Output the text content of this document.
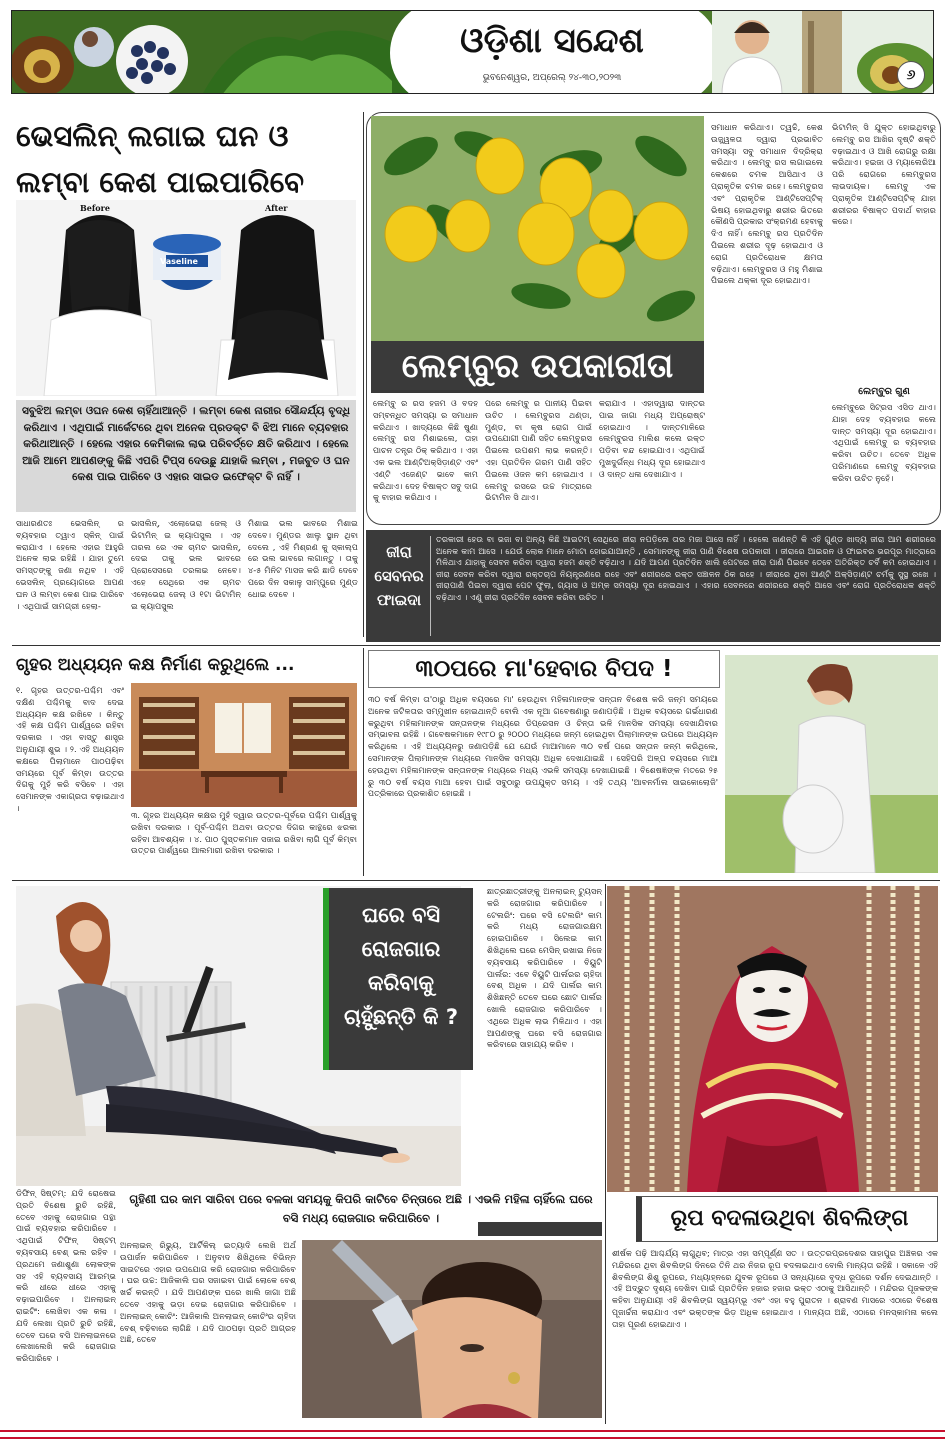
ଓଡ଼ିଶା ସନ୍ଦେଶ
ଭୁବନେଶ୍ୱର, ଅପ୍ରେଲ୍ ୨୪-୩୦,୨୦୨୩	୬
ଭେସଲିନ୍ ଲଗାଇ ଘନ ଓ ଲମ୍ବା କେଶ ପାଇପାରିବେ
Before	After
Vaseline
ସବୁଝିଅ ଲମ୍ବା ଓଘନ କେଶ ଚାହିଁଥାଆନ୍ତି । ଲମ୍ବା କେଶ ନାରୀର ସୌନ୍ଦର୍ଯ୍ୟ ବୃଦ୍ଧି କରିଥାଏ । ଏଥିପାଇଁ ମାର୍କେଟରେ ଥିବା ଅନେକ ପ୍ରଡକ୍ଟ ବି ଝିଅ ମାନେ ବ୍ୟବହାର କରିଥାଆନ୍ତି । ହେଲେ ଏହାର କେମିକାଲ ଲାଭ ପରିବର୍ତ୍ତେ କ୍ଷତି କରିଥାଏ । ହେଲେ ଆଜି ଆମେ ଆପଣଙ୍କୁ କିଛି ଏପରି ଟିପ୍ସ ଦେଉଛୁ ଯାହାକି ଲମ୍ବା , ମଜବୁତ ଓ ଘନ କେଶ ପାଇ ପାରିବେ ଓ ଏହାର ସାଇଡ ଇଫେକ୍ଟ ବି ନାହିଁ ।
ସାଧାରଣତଃ ଭେସଲିନ୍ ର ବ୍ୟବହାର ତ୍ୱାଏ ସ୍କିନ୍ ପାଇଁ କରାଯାଏ । ହେଲେ ଏହାର ଆହୁରି ଅନେକ ଲାଭ ରହିଛି । ଯାହା ତୁମେ ସମସ୍ତଙ୍କୁ ଜଣା ନଥିବ । ଏହି ଭେସଲିନ୍ ପ୍ରୟୋଗରେ ଆପଣ ଘନ ଓ ଲମ୍ବା କେଶ ପାଇ ପାରିବେ । ଏଥିପାଇଁ ସାମଗ୍ରୀ ହେଲା-
ଭାସଲିନ୍, ଏଲୋଭେରା ଜେଲ୍ ଓ ଭିଟାମିନ୍ ଇ କ୍ୟାପସୁଲ । ଏହ ତାରଲ ରେ ଏକ ଚାମଚ ଭାସଲିନ୍, ଦେଇ ତାକୁ ଭଲ ଭାବରେ ପ୍ରୋସେସରେ ତରଳାଇ ନେବେ। ଏହେ ସେଥିରେ ଏକ ଚାମଚ ଏଲୋଭେରା ଜେଲ୍ ଓ ୧ଟା ଭିଟାମିନ୍ ଇ କ୍ୟାପସୁଲ
ମିଶାଇ ଭଲ ଭାବରେ ମିଶାଇ ଦେବେ। ମୁଣ୍ଡର ଖାଲୁ ସ୍ଥାନ ଥିବା ଦେଲେ , ଏହି ମିଶ୍ରଣ କୁ ସ୍କାଲ୍ପ ରେ ଭଲ ଭାବରେ ଲଗାନ୍ତୁ । ତାକୁ ୪-୫ ମିନିଟ ମାସଜ କରି ଛାଡି ଦେବେ ପରେ ଦିନ ସକାଳୁ ସାମ୍ପୁରେ ମୁଣ୍ଡ ଧୋଇ ଦେବେ ।
ଲେମ୍ବୁର ଉପକାରୀତା
ଲେମ୍ବୁ ର ରସ ହଜମ ଓ ବଦହ ସମ୍ବନ୍ଧିତ ସମସ୍ୟା ର ସମାଧାନ କରିଥାଏ । ଖାଦ୍ୟରେ କିଛି ଷୁଣା ଲେମ୍ବୁ ରସ ମିଶାଇଲେ, ତାହା ପାଚନ ତନ୍ତ୍ର ଠିକ୍ କରିଥାଏ । ଏହା ଏକ ଭଲ ଆଣ୍ଟିଅକ୍ସିଡ଼ାଣ୍ଟ ଏବଂ ଏଣ୍ଟି ଏଜେଣ୍ଟ ଭାବେ କାମ କରିଥାଏ। ଦେହ ବିଷାକ୍ତ ସବୁ ଦାଗ କୁ ବାହାର କରିଥାଏ ।
ପରେ ଲେମ୍ବୁ ର ପାନୀୟ ପିଇବା ଉଚିତ । ଲେମ୍ବୁରସ ଥଣ୍ଡା, ମୁଣ୍ଡ, ବା କୃଷ ରୋଗ ପାଇଁ ଉପଯୋଗୀ ପାଣି ସହିତ ଲେମ୍ବୁରସ ପିଇଲେ ଉପଶମ ଲାଭ କରନ୍ତି। ଏହା ପ୍ରତିଦିନ ଗରମ ପାଣି ସହିତ ପିଇଲେ ଓଜନ କମ ହୋଇଥାଏ । ଲେମ୍ବୁ ରସରେ ଉଚ୍ଚ ମାତ୍ରାରେ ଭିଟାମିନ ସି ଥାଏ।
କରାଯାଏ । ଏହାଦ୍ୱାରା ଦାନ୍ତର ପାଇ ଜାଗା ମଧ୍ୟ ଅପ୍ରୋଷ୍ଟ ହୋଇଥାଏ । ଦାନ୍ତମାଳିରେ ଲେମ୍ବୁରସ ମାଲିଶ କଲେ ରକ୍ତ ପଡ଼ିବା ବନ୍ଦ ହୋଇଯାଏ। ଏଥିପାଇଁ ମୁଖଦୁର୍ଗନ୍ଧ ମଧ୍ୟ ଦୂର ହୋଇଥାଏ ଓ ଦାନ୍ତ ଧଳା ଦେଖାଯାଏ ।
ସମାଧାନ କରିଥାଏ। ତ୍ୱଚ୍ଚି, କେଶ ଉଜ୍ଜ୍ୱଳତା ଦ୍ୱାରା ପ୍ରଭାବିତ ସମସ୍ୟା ସବୁ ସମାଧାନ ଦିଦ୍ରିକ୍ରା କରିଥାଏ । ଲେମ୍ବୁ ରସ ଲଗାଇଲେ କେଶରେ ଚମକ ଆସିଥାଏ ଓ ପ୍ରାକୃତିକ ଚମକ ରହେ। ଲେମ୍ବୁରସ ଏବଂ ପ୍ରାକୃତିକ ଆଣ୍ଟିସେପ୍ଟିକ୍ ଭିଷୟ ହୋଇଥିବାରୁ ଶରୀର ଭିତରେ କୌଣସି ପ୍ରକାର ସଂକ୍ରମଣ ହେବାକୁ ଦିଏ ନାହିଁ। ଲେମ୍ବୁ ରସ ପ୍ରତିଦିନ ପିଇଲେ ଶରୀର ଦୃଢ଼ ହୋଇଥାଏ ଓ ରୋଗ ପ୍ରତିରୋଧକ କ୍ଷମତା ବଢ଼ିଥାଏ। ଲେମ୍ବୁରସ ଓ ମହୁ ମିଶାଇ ପିଇଲେ ଥକ୍କା ଦୂର ହୋଇଥାଏ।
ଭିଟାମିନ୍ ସି ଯୁକ୍ତ ହୋଇଥିବାରୁ ଲେମ୍ବୁ ରସ ଆଖିର ଦୃଷ୍ଟି ଶକ୍ତି ବଢ଼ାଇଥାଏ ଓ ଆଖି ରୋଗରୁ ରକ୍ଷା କରିଥାଏ। ହଇଜା ଓ ମ୍ୟାଲେରିଆ ପରି ରୋଗରେ ଲେମ୍ବୁରସ ଲାଭଦାୟକ। ଲେମ୍ବୁ ଏକ ପ୍ରାକୃତିକ ଆଣ୍ଟିସେପ୍ଟିକ୍ ଯାହା ଶରୀରର ବିଷାକ୍ତ ପଦାର୍ଥ ବାହାର କରେ।
ଲେମ୍ବୁର ଗୁଣ
ଲେମ୍ବୁରେ ସିଟ୍ରସ ଏସିଡ ଥାଏ। ଯାହା ଦେହ ବ୍ୟବହାର କଲେ ଦାନ୍ତ ସମସ୍ୟା ଦୂର ହୋଇଥାଏ। ଏଥିପାଇଁ ଲେମ୍ବୁ ର ବ୍ୟବହାର କରିବା ଉଚିତ। ତେବେ ଅଧିକ ପରିମାଣରେ ଲେମ୍ବୁ ବ୍ୟବହାର କରିବା ଉଚିତ ନୁହେଁ।
ଜୀରା ସେବନର ଫାଇଦା
ତରକାରୀ ହେଉ ବା ଭଜା ବା ଅନ୍ୟ କିଛି ଆଇଟମ୍ ସେଥିରେ ଜୀରା ନପଡ଼ିଲେ ତାର ମଜା ଆସେ ନାହିଁ । ହେଲେ ଜାଣନ୍ତି କି ଏହି ଗୁଣ୍ଡ ଖାଦ୍ୟ ଜୀରା ଆମ ଶରୀରରେ ଅନେକ କାମ ଆସେ । ଯେଉଁ ଲୋକ ମାନେ ମୋଟା ହୋଇଯାଆନ୍ତି , ସେମାନଙ୍କୁ ଜୀରା ପାଣି ବିଶେଷ ଉପକାରୀ । ଜୀରାରେ ଆଇରନ ଓ ଫାଇବର ଭରପୂର ମାତ୍ରାରେ ମିଳିଥାଏ ଯାହାକୁ ସେବନ କରିବା ଦ୍ୱାରା ହଜମ ଶକ୍ତି ବଢ଼ିଥାଏ । ଯଦି ଆପଣ ପ୍ରତିଦିନ ଖାଲି ପେଟରେ ଜୀରା ପାଣି ପିଇବେ ତେବେ ଅତିରିକ୍ତ ଚର୍ବି କମ ହୋଇଥାଏ । ଜୀରା ସେବନ କରିବା ଦ୍ୱାରା ରକ୍ତଚାପ ନିୟନ୍ତ୍ରଣରେ ରହେ ଏବଂ ଶରୀରରେ ରକ୍ତ ସଞ୍ଚାଳନ ଠିକ ରହେ । ଜୀରାରେ ଥିବା ଆଣ୍ଟି ଅକ୍ସିଡ଼ାଣ୍ଟ ଚର୍ମକୁ ସୁସ୍ଥ ରଖେ । ଜୀରାପାଣି ପିଇବା ଦ୍ୱାରା ପେଟ ଫୁଲା, ଗ୍ୟାସ ଓ ଅମ୍ଳ ସମସ୍ୟା ଦୂର ହୋଇଥାଏ । ଏହାର ସେବନରେ ଶରୀରରେ ଶକ୍ତି ଆସେ ଏବଂ ରୋଗ ପ୍ରତିରୋଧକ ଶକ୍ତି ବଢ଼ିଥାଏ । ଏଣୁ ଜୀରା ପ୍ରତିଦିନ ସେବନ କରିବା ଉଚିତ ।
ଗୃହର ଅଧ୍ୟୟନ କକ୍ଷ ନିର୍ମାଣ କରୁଥିଲେ ...
୧. ଗୃହର ଉତ୍ତର-ପଶ୍ଚିମ ଏବଂ ଦକ୍ଷିଣ ପଶ୍ଚିମକୁ ବାଦ ଦେଇ ଅଧ୍ୟୟନ କକ୍ଷ ରଖିବେ । କିନ୍ତୁ ଏହି କକ୍ଷ ପଶ୍ଚିମ ପାର୍ଶ୍ୱରେ ରହିବା ଦରକାର । ଏହା ବାସ୍ତୁ ଶାସ୍ତ୍ର ଅନୁଯାୟୀ ଶୁଭ । ୨. ଏହି ଅଧ୍ୟୟନ କକ୍ଷରେ ପିଲାମାନେ ପାଠପଢ଼ିବା ସମୟରେ ପୂର୍ବ କିମ୍ବା ଉତ୍ତର ଦିଗକୁ ମୁହଁ କରି ବସିବେ । ଏହା ସେମାନଙ୍କ ଏକାଗ୍ରତା ବଢ଼ାଇଥାଏ ।
୩. ଗୃହର ଅଧ୍ୟୟନ କକ୍ଷର ମୁହଁ ଦ୍ୱାର ଉତ୍ତର-ପୂର୍ବରେ ପଶ୍ଚିମ ପାର୍ଶ୍ୱକୁ ରଖିବା ଦରକାର । ପୂର୍ବ-ପଶ୍ଚିମ ଅଥବା ଉତ୍ତର ଦିଗର କାନ୍ଥରେ ଝରକା ରହିବା ଆବଶ୍ୟକ । ୪. ପାଠ ପୁସ୍ତକମାନ ସଜାଇ ରଖିବା ଲାଗି ପୂର୍ବ କିମ୍ବା ଉତ୍ତର ପାର୍ଶ୍ୱରେ ଆଲମାରୀ ରଖିବା ଦରକାର ।
୩୦ପରେ ମା'ହେବାର ବିପଦ !
୩୦ ବର୍ଷ କିମ୍ବା ତା'ଠାରୁ ଅଧିକ ବୟସରେ ମା' ହେଉଥିବା ମହିଳାମାନଙ୍କ ସନ୍ତାନ ବିଶେଷ କରି ଜନ୍ମ ସମୟରେ ଅନେକ ଜଟିଳତାର ସମ୍ମୁଖୀନ ହୋଇଥାନ୍ତି ବୋଲି ଏକ ନୂଆ ଗବେଷଣାରୁ ଜଣାପଡ଼ିଛି । ଅଧିକ ବୟସରେ ଗର୍ଭଧାରଣ କରୁଥିବା ମହିଳାମାନଙ୍କ ସନ୍ତାନଙ୍କ ମଧ୍ୟରେ ଡିପ୍ରେସନ ଓ ଚିନ୍ତା ଭଳି ମାନସିକ ସମସ୍ୟା ଦେଖାଯିବାର ସମ୍ଭାବନା ରହିଛି । ଗବେଷକମାନେ ୧୯୮୦ ରୁ ୨୦୦୦ ମଧ୍ୟରେ ଜନ୍ମ ହୋଇଥିବା ପିଲାମାନଙ୍କ ଉପରେ ଅଧ୍ୟୟନ କରିଥିଲେ । ଏହି ଅଧ୍ୟୟନରୁ ଜଣାପଡ଼ିଛି ଯେ ଯେଉଁ ମାଆମାନେ ୩୦ ବର୍ଷ ପରେ ସନ୍ତାନ ଜନ୍ମ କରିଥିଲେ, ସେମାନଙ୍କ ପିଲାମାନଙ୍କ ମଧ୍ୟରେ ମାନସିକ ସମସ୍ୟା ଅଧିକ ଦେଖାଯାଇଛି । ସେହିପରି ଅଳ୍ପ ବୟସରେ ମାଆ ହେଉଥିବା ମହିଳାମାନଙ୍କ ସନ୍ତାନଙ୍କ ମଧ୍ୟରେ ମଧ୍ୟ ଏଭଳି ସମସ୍ୟା ଦେଖାଯାଇଛି । ବିଶେଷଜ୍ଞଙ୍କ ମତରେ ୨୫ ରୁ ୩୦ ବର୍ଷ ବୟସ ମାଆ ହେବା ପାଇଁ ସବୁଠାରୁ ଉପଯୁକ୍ତ ସମୟ । ଏହି ତଥ୍ୟ 'ଆବନର୍ମାଲ ସାଇକୋଲୋଜି' ପତ୍ରିକାରେ ପ୍ରକାଶିତ ହୋଇଛି ।
ଘରେ ବସି ରୋଜଗାର କରିବାକୁ ଚାହୁଁଛନ୍ତି କି ?
ଛାତ୍ରଛାତ୍ରୀଙ୍କୁ ଅନଲାଇନ୍ ଟ୍ୟୁସନ୍ କରି ରୋଜଗାର କରିପାରିବେ । ଟେଲରିଂ: ଘରେ ବସି ଟେଲରିଂ କାମ କରି ମଧ୍ୟ ରୋଜଗାରକ୍ଷମ ହୋଇପାରିବେ । ସିଲେଇ କାମ ଶିଖିଥିଲେ ଘରେ ମେସିନ୍ ରଖାଇ ନିଜେ ବ୍ୟବସାୟ କରିପାରିବେ । ବିୟୁଟି ପାର୍ଲର: ଏବେ ବିୟୁଟି ପାର୍ଲରର ଚାହିଦା ବେଶ୍ ଅଧିକ । ଯଦି ପାର୍ଲର କାମ ଶିଖିଛନ୍ତି ତେବେ ଘରେ ଛୋଟ ପାର୍ଲର ଖୋଲି ରୋଜଗାର କରିପାରିବେ । ଏଥିରେ ଅଧିକ ଲାଭ ମିଳିଥାଏ । ଏହା ଆପଣଙ୍କୁ ଘରେ ବସି ରୋଜଗାର କରିବାରେ ସାହାଯ୍ୟ କରିବ ।
ଗୃହିଣୀ ଘର କାମ ସାରିବା ପରେ ବଳକା ସମୟକୁ କିପରି କାଟିବେ ଚିନ୍ତାରେ ଅଛି । ଏଭଳି ମହିଳା ଚାହିଁଲେ ଘରେ ବସି ମଧ୍ୟ ରୋଜଗାର କରିପାରିବେ ।
ଡିଫିନ୍ ସିଷ୍ଟମ୍: ଯଦି ରୋଷେଇ ପ୍ରତି ବିଶେଷ ରୁଚି ରହିଛି, ତେବେ ଏହାକୁ ରୋଜଗାର ପନ୍ଥା ପାଇଁ ବ୍ୟବହାର କରିପାରିବେ । ଏଥିପାଇଁ ଟିଫିନ୍ ସିଷ୍ଟମ୍ ବ୍ୟବସାୟ ବେଶ୍ ଭଲ ରହିବ । ପ୍ରଥମେ ଜଣାଶୁଣା ଲୋକଙ୍କ ସହ ଏହି ବ୍ୟବସାୟ ଆରମ୍ଭ କରି ଧୀରେ ଧୀରେ ଏହାକୁ ବଢ଼ାଇପାରିବେ । ଅନଲାଇନ୍ ରାଇଟିଂ: ଲେଖିବା ଏକ କଳା । ଯଦି ଲେଖା ପ୍ରତି ରୁଚି ରହିଛି, ତେବେ ଘରେ ବସି ଅନଲାଇନରେ ଲେଖାଲେଖି କରି ରୋଜଗାର କରିପାରିବେ ।
ଅନଲାଇନ୍ ରିଭ୍ୟୁ, ଆର୍ଟିକିଲ୍ ଇତ୍ୟାଦି ଲେଖି ଅର୍ଥ ଉପାର୍ଜନ କରିପାରିବେ । ଅନୁବାଦ ଶିଖିଥିଲେ ବିଭିନ୍ନ ସାଇଟରେ ଏହାର ଉପଯୋଗ କରି ରୋଜଗାର କରିପାରିବେ । ଘର ଉଚ୍ଚ: ଆଜିକାଲି ଘର ସଜାଇବା ପାଇଁ ଲୋକେ ବେଶ୍ ଖର୍ଚ୍ଚ କରନ୍ତି । ଯଦି ଆପଣଙ୍କ ଘରେ ଖାଲି ଜାଗା ଅଛି ତେବେ ଏହାକୁ ଭଡ଼ା ଦେଇ ରୋଜଗାର କରିପାରିବେ । ଅନଲାଇନ୍ କୋଚିଂ: ଆଜିକାଲି ଅନଲାଇନ୍ କୋଚିଂର ଚାହିଦା ବେଶ୍ ବଢ଼ିବାରେ ଲାଗିଛି । ଯଦି ପାଠପଢ଼ା ପ୍ରତି ଆଗ୍ରହ ଅଛି, ତେବେ
ରୂପ ବଦଳାଉଥିବା ଶିବଲିଙ୍ଗ
ଶୀର୍ଷକ ପଢ଼ି ଆଶ୍ଚର୍ଯ୍ୟ ଲାଗୁଥିବ; ମାତ୍ର ଏହା ସମ୍ପୂର୍ଣ୍ଣ ସତ । ଉତ୍ତରପ୍ରଦେଶର ସାହାପୁର ଅଞ୍ଚଳର ଏକ ମନ୍ଦିରରେ ଥିବା ଶିବଲିଙ୍ଗ ଦିନରେ ତିନି ଥର ନିଜର ରୂପ ବଦଳାଇଥାଏ ବୋଲି ମାନ୍ୟତା ରହିଛି । ସକାଳେ ଏହି ଶିବଲିଙ୍ଗ ଶିଶୁ ରୂପରେ, ମଧ୍ୟାହ୍ନରେ ଯୁବକ ରୂପରେ ଓ ସନ୍ଧ୍ୟାରେ ବୃଦ୍ଧ ରୂପରେ ଦର୍ଶନ ଦେଇଥାନ୍ତି । ଏହି ଅଦ୍ଭୁତ ଦୃଶ୍ୟ ଦେଖିବା ପାଇଁ ପ୍ରତିଦିନ ହଜାର ହଜାର ଭକ୍ତ ଏଠାକୁ ଆସିଥାନ୍ତି । ମନ୍ଦିରର ପୂଜକଙ୍କ କହିବା ଅନୁଯାୟୀ ଏହି ଶିବଲିଙ୍ଗ ସ୍ୱୟମ୍ଭୂ ଏବଂ ଏହା ବହୁ ପୁରାତନ । ଶ୍ରାବଣ ମାସରେ ଏଠାରେ ବିଶେଷ ପୂଜାର୍ଚ୍ଚନା କରାଯାଏ ଏବଂ ଭକ୍ତଙ୍କ ଭିଡ଼ ଅଧିକ ହୋଇଥାଏ । ମାନ୍ୟତା ଅଛି, ଏଠାରେ ମନସ୍କାମନା କଲେ ତାହା ପୂରଣ ହୋଇଥାଏ ।
